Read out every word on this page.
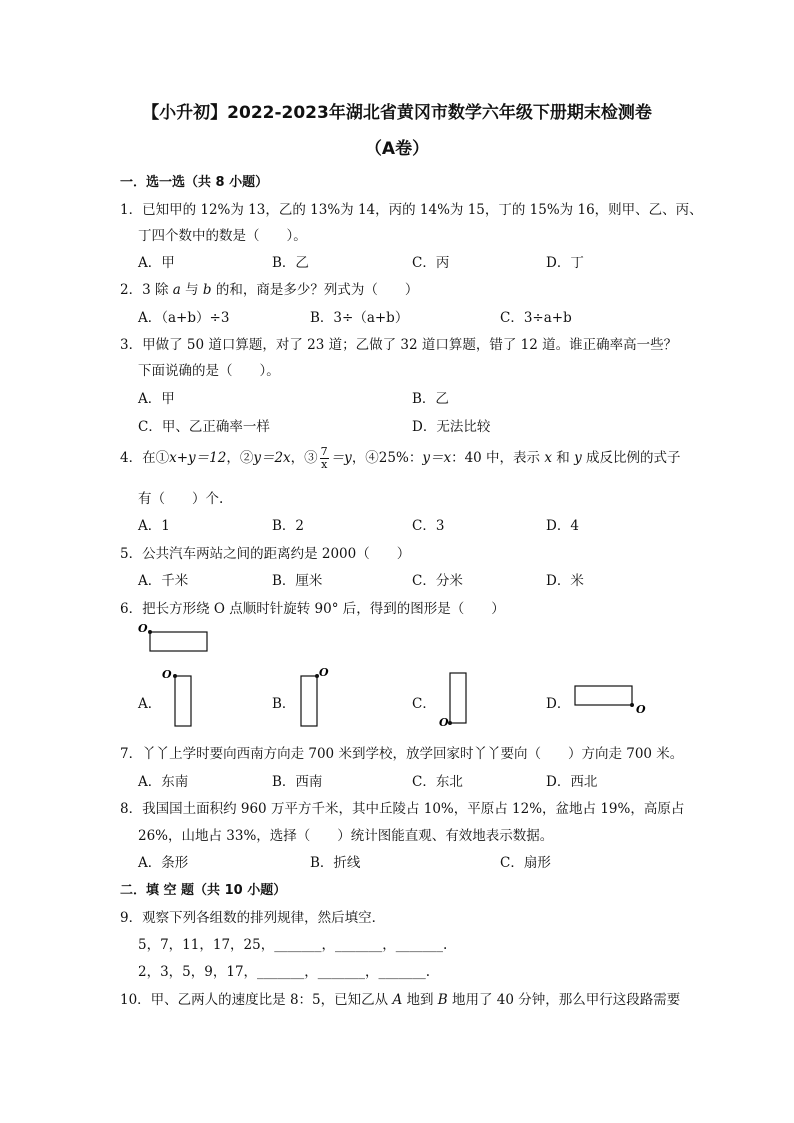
【小升初】2022-2023年湖北省黄冈市数学六年级下册期末检测卷
（A卷）
一．选一选（共 8 小题）
1．已知甲的 12%为 13，乙的 13%为 14，丙的 14%为 15，丁的 15%为 16，则甲、乙、丙、
丁四个数中的数是（　　）。
A．甲	B．乙	C．丙	D．丁
2．3 除 a 与 b 的和，商是多少？列式为（　　）
A．（a+b）÷3	B．3÷（a+b）	C．3÷a+b
3．甲做了 50 道口算题，对了 23 道；乙做了 32 道口算题，错了 12 道。谁正确率高一些？
下面说确的是（　　）。
A．甲	B．乙
C．甲、乙正确率一样	D．无法比较
4．在①x+y＝12，②y＝2x，③ $\frac{7}{x} =y$，④25%：y＝x：40 中，表示 x 和 y 成反比例的式子
有（　　）个.
A．1	B．2	C．3	D．4
5．公共汽车两站之间的距离约是 2000（　　）
A．千米	B．厘米	C．分米	D．米
6．把长方形绕 O 点顺时针旋转 90° 后，得到的图形是（　　）
O
A．
O
B．
O
C．
O
D．	O
7．丫丫上学时要向西南方向走 700 米到学校，放学回家时丫丫要向（　　）方向走 700 米。
A．东南	B．西南	C．东北	D．西北
8．我国国土面积约 960 万平方千米，其中丘陵占 10%，平原占 12%，盆地占 19%，高原占
26%，山地占 33%，选择（　　）统计图能直观、有效地表示数据。
A．条形	B．折线	C．扇形
二．填 空 题（共 10 小题）
9．观察下列各组数的排列规律，然后填空．
5，7，11，17，25，_______，_______，_______.
2，3，5，9，17，_______，_______，_______.
10．甲、乙两人的速度比是 8：5，已知乙从 A 地到 B 地用了 40 分钟，那么甲行这段路需要
